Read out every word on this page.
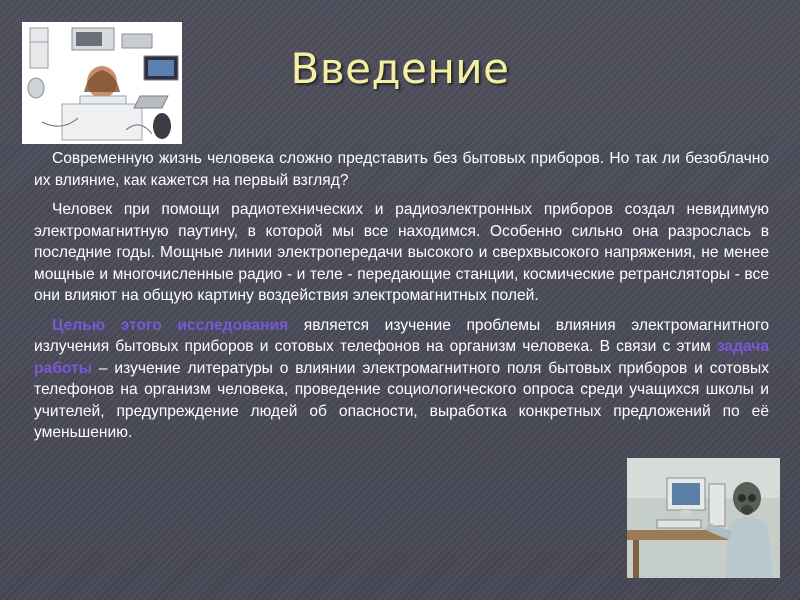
Введение

Современную жизнь человека сложно представить без бытовых приборов. Но так ли безоблачно их влияние, как кажется на первый взгляд?

Человек при помощи радиотехнических и радиоэлектронных приборов создал невидимую электромагнитную паутину, в которой мы все находимся. Особенно сильно она разрослась в последние годы. Мощные линии электропередачи высокого и сверхвысокого напряжения, не менее мощные и многочисленные радио - и теле - передающие станции, космические ретрансляторы - все они влияют на общую картину воздействия электромагнитных полей.

Целью этого исследования является изучение проблемы влияния электромагнитного излучения бытовых приборов и сотовых телефонов на организм человека. В связи с этим задача работы – изучение литературы о влиянии электромагнитного поля бытовых приборов и сотовых телефонов на организм человека, проведение социологического опроса среди учащихся школы и учителей, предупреждение людей об опасности, выработка конкретных предложений по её уменьшению.
